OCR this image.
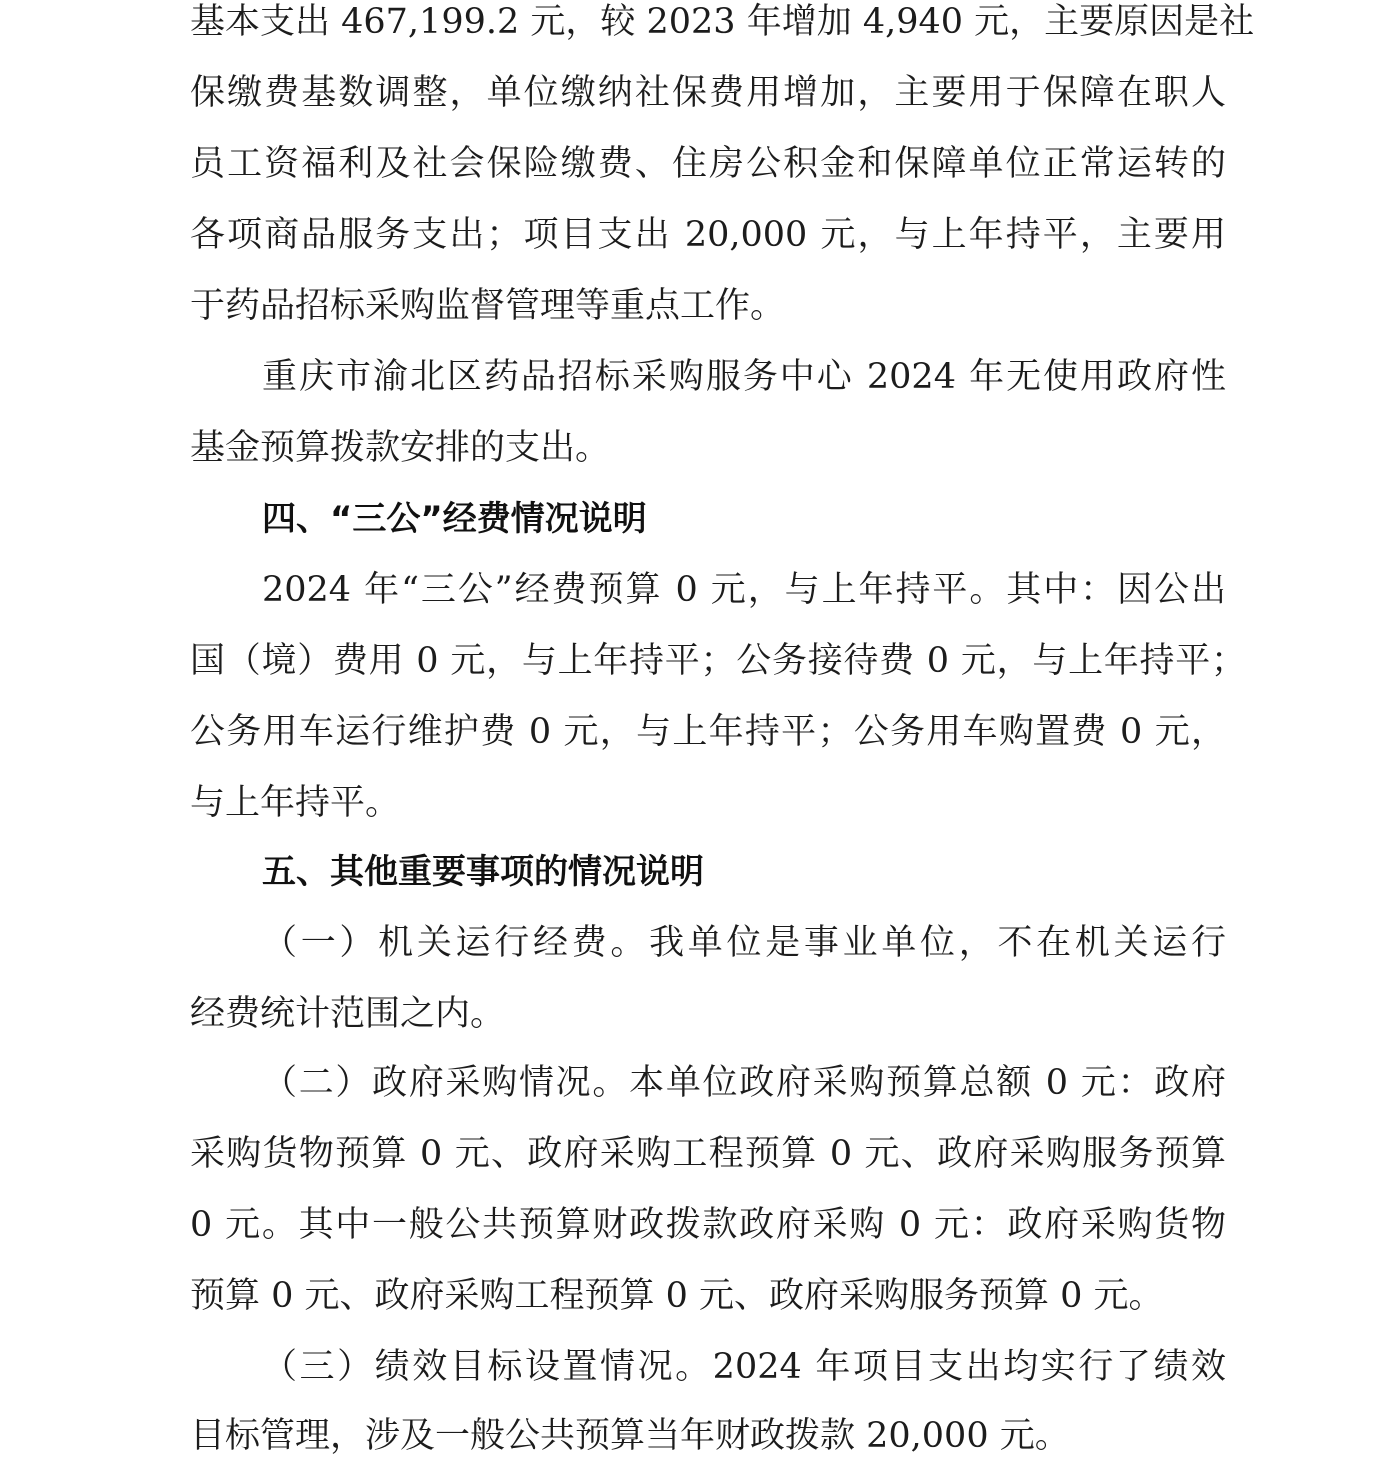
基本支出 467,199.2 元，较 2023 年增加 4,940 元，主要原因是社

保缴费基数调整，单位缴纳社保费用增加，主要用于保障在职人

员工资福利及社会保险缴费、住房公积金和保障单位正常运转的

各项商品服务支出；项目支出 20,000 元，与上年持平，主要用

于药品招标采购监督管理等重点工作。

重庆市渝北区药品招标采购服务中心 2024 年无使用政府性

基金预算拨款安排的支出。

四、“三公”经费情况说明

2024 年“三公”经费预算 0 元，与上年持平。其中：因公出

国（境）费用 0 元，与上年持平；公务接待费 0 元，与上年持平；

公务用车运行维护费 0 元，与上年持平；公务用车购置费 0 元，

与上年持平。

五、其他重要事项的情况说明

（一）机关运行经费。我单位是事业单位，不在机关运行

经费统计范围之内。

（二）政府采购情况。本单位政府采购预算总额 0 元：政府

采购货物预算 0 元、政府采购工程预算 0 元、政府采购服务预算

0 元。其中一般公共预算财政拨款政府采购 0 元：政府采购货物

预算 0 元、政府采购工程预算 0 元、政府采购服务预算 0 元。

（三）绩效目标设置情况。2024 年项目支出均实行了绩效

目标管理，涉及一般公共预算当年财政拨款 20,000 元。
